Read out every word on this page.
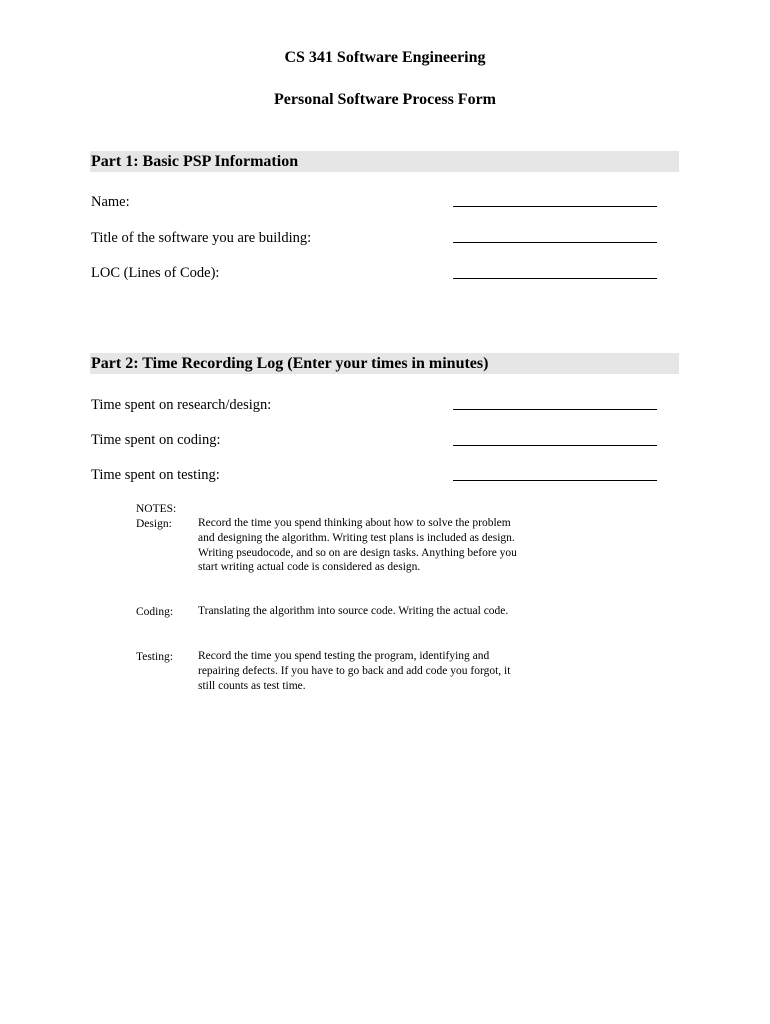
CS 341 Software Engineering
Personal Software Process Form
Part 1: Basic PSP Information
Name:
Title of the software you are building:
LOC (Lines of Code):
Part 2: Time Recording Log (Enter your times in minutes)
Time spent on research/design:
Time spent on coding:
Time spent on testing:
NOTES:
Design: Record the time you spend thinking about how to solve the problem and designing the algorithm. Writing test plans is included as design. Writing pseudocode, and so on are design tasks. Anything before you start writing actual code is considered as design.
Coding: Translating the algorithm into source code. Writing the actual code.
Testing: Record the time you spend testing the program, identifying and repairing defects. If you have to go back and add code you forgot, it still counts as test time.
